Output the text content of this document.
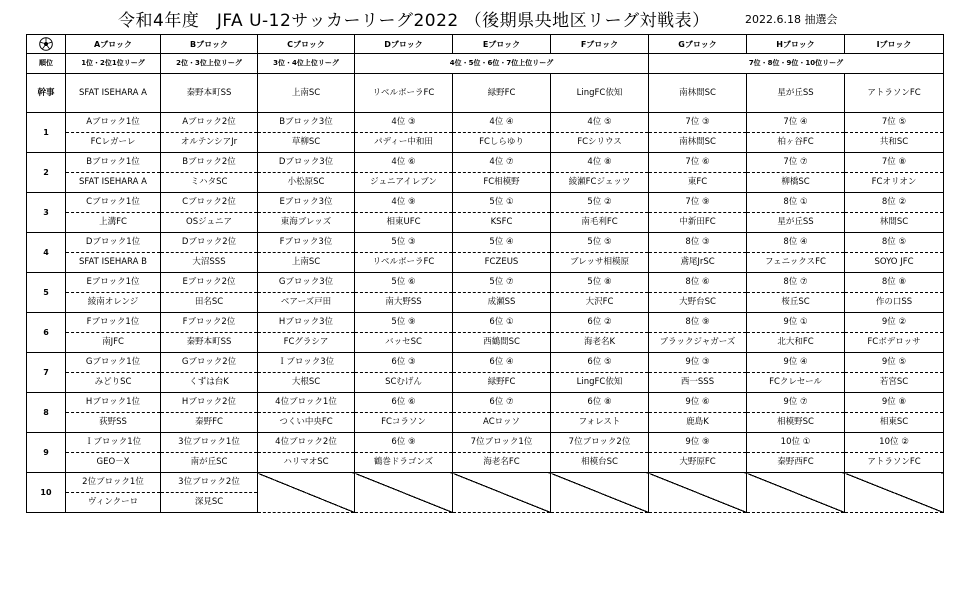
令和4年度　JFA U-12サッカーリーグ2022 （後期県央地区リーグ対戦表）	2022.6.18 抽選会
	Aブロック	Bブロック	Cブロック	Dブロック	Eブロック	Fブロック	Gブロック	Hブロック	Iブロック
順位	1位・2位1位リーグ	2位・3位上位リーグ	3位・4位上位リーグ	4位・5位・6位・7位上位リーグ			7位・8位・9位・10位リーグ		
幹事	SFAT ISEHARA A	秦野本町SS	上南SC	リベルボーラFC	緑野FC	LingFC依知	南林間SC	星が丘SS	アトラソンFC
1	Aブロック1位	Aブロック2位	Bブロック3位	4位 ③	4位 ④	4位 ⑤	7位 ③	7位 ④	7位 ⑤
	FCレガーレ	オルテンシアJr	草柳SC	パディー中和田	FCしらゆり	FCシリウス	南林間SC	柏ヶ谷FC	共和SC
2	Bブロック1位	Bブロック2位	Dブロック3位	4位 ⑥	4位 ⑦	4位 ⑧	7位 ⑥	7位 ⑦	7位 ⑧
	SFAT ISEHARA A	ミハタSC	小松原SC	ジュニアイレブン	FC相模野	綾瀬FCジェッツ	東FC	柳橋SC	FCオリオン
3	Cブロック1位	Cブロック2位	Eブロック3位	4位 ⑨	5位 ①	5位 ②	7位 ⑨	8位 ①	8位 ②
	上溝FC	OSジュニア	東海ブレッズ	相東UFC	KSFC	南毛利FC	中新田FC	星が丘SS	林間SC
4	Dブロック1位	Dブロック2位	Fブロック3位	5位 ③	5位 ④	5位 ⑤	8位 ③	8位 ④	8位 ⑤
	SFAT ISEHARA B	大沼SSS	上南SC	リベルボーラFC	FCZEUS	ブレッサ相模原	鳶尾JrSC	フェニックスFC	SOYO JFC
5	Eブロック1位	Eブロック2位	Gブロック3位	5位 ⑥	5位 ⑦	5位 ⑧	8位 ⑥	8位 ⑦	8位 ⑧
	綾南オレンジ	田名SC	ベアーズ戸田	南大野SS	成瀬SS	大沢FC	大野台SC	桜丘SC	作の口SS
6	Fブロック1位	Fブロック2位	Hブロック3位	5位 ⑨	6位 ①	6位 ②	8位 ⑨	9位 ①	9位 ②
	南JFC	秦野本町SS	FCグラシア	バッセSC	西鶴間SC	海老名K	ブラックジャガーズ	北大和FC	FCボデロッサ
7	Gブロック1位	Gブロック2位	Ｉブロック3位	6位 ③	6位 ④	6位 ⑤	9位 ③	9位 ④	9位 ⑤
	みどりSC	くずは台K	大根SC	SCむげん	緑野FC	LingFC依知	西一SSS	FCクレセール	若宮SC
8	Hブロック1位	Hブロック2位	4位ブロック1位	6位 ⑥	6位 ⑦	6位 ⑧	9位 ⑥	9位 ⑦	9位 ⑧
	荻野SS	秦野FC	つくい中央FC	FCコラソン	ACロッソ	フォレスト	鹿島K	相模野SC	相東SC
9	Ｉブロック1位	3位ブロック1位	4位ブロック2位	6位 ⑨	7位ブロック1位	7位ブロック2位	9位 ⑨	10位 ①	10位 ②
	GEO－X	南が丘SC	ハリマオSC	鶴巻ドラゴンズ	海老名FC	相模台SC	大野原FC	秦野西FC	アトラソンFC
10	2位ブロック1位	3位ブロック2位							
	ヴィンクーロ	深見SC							
